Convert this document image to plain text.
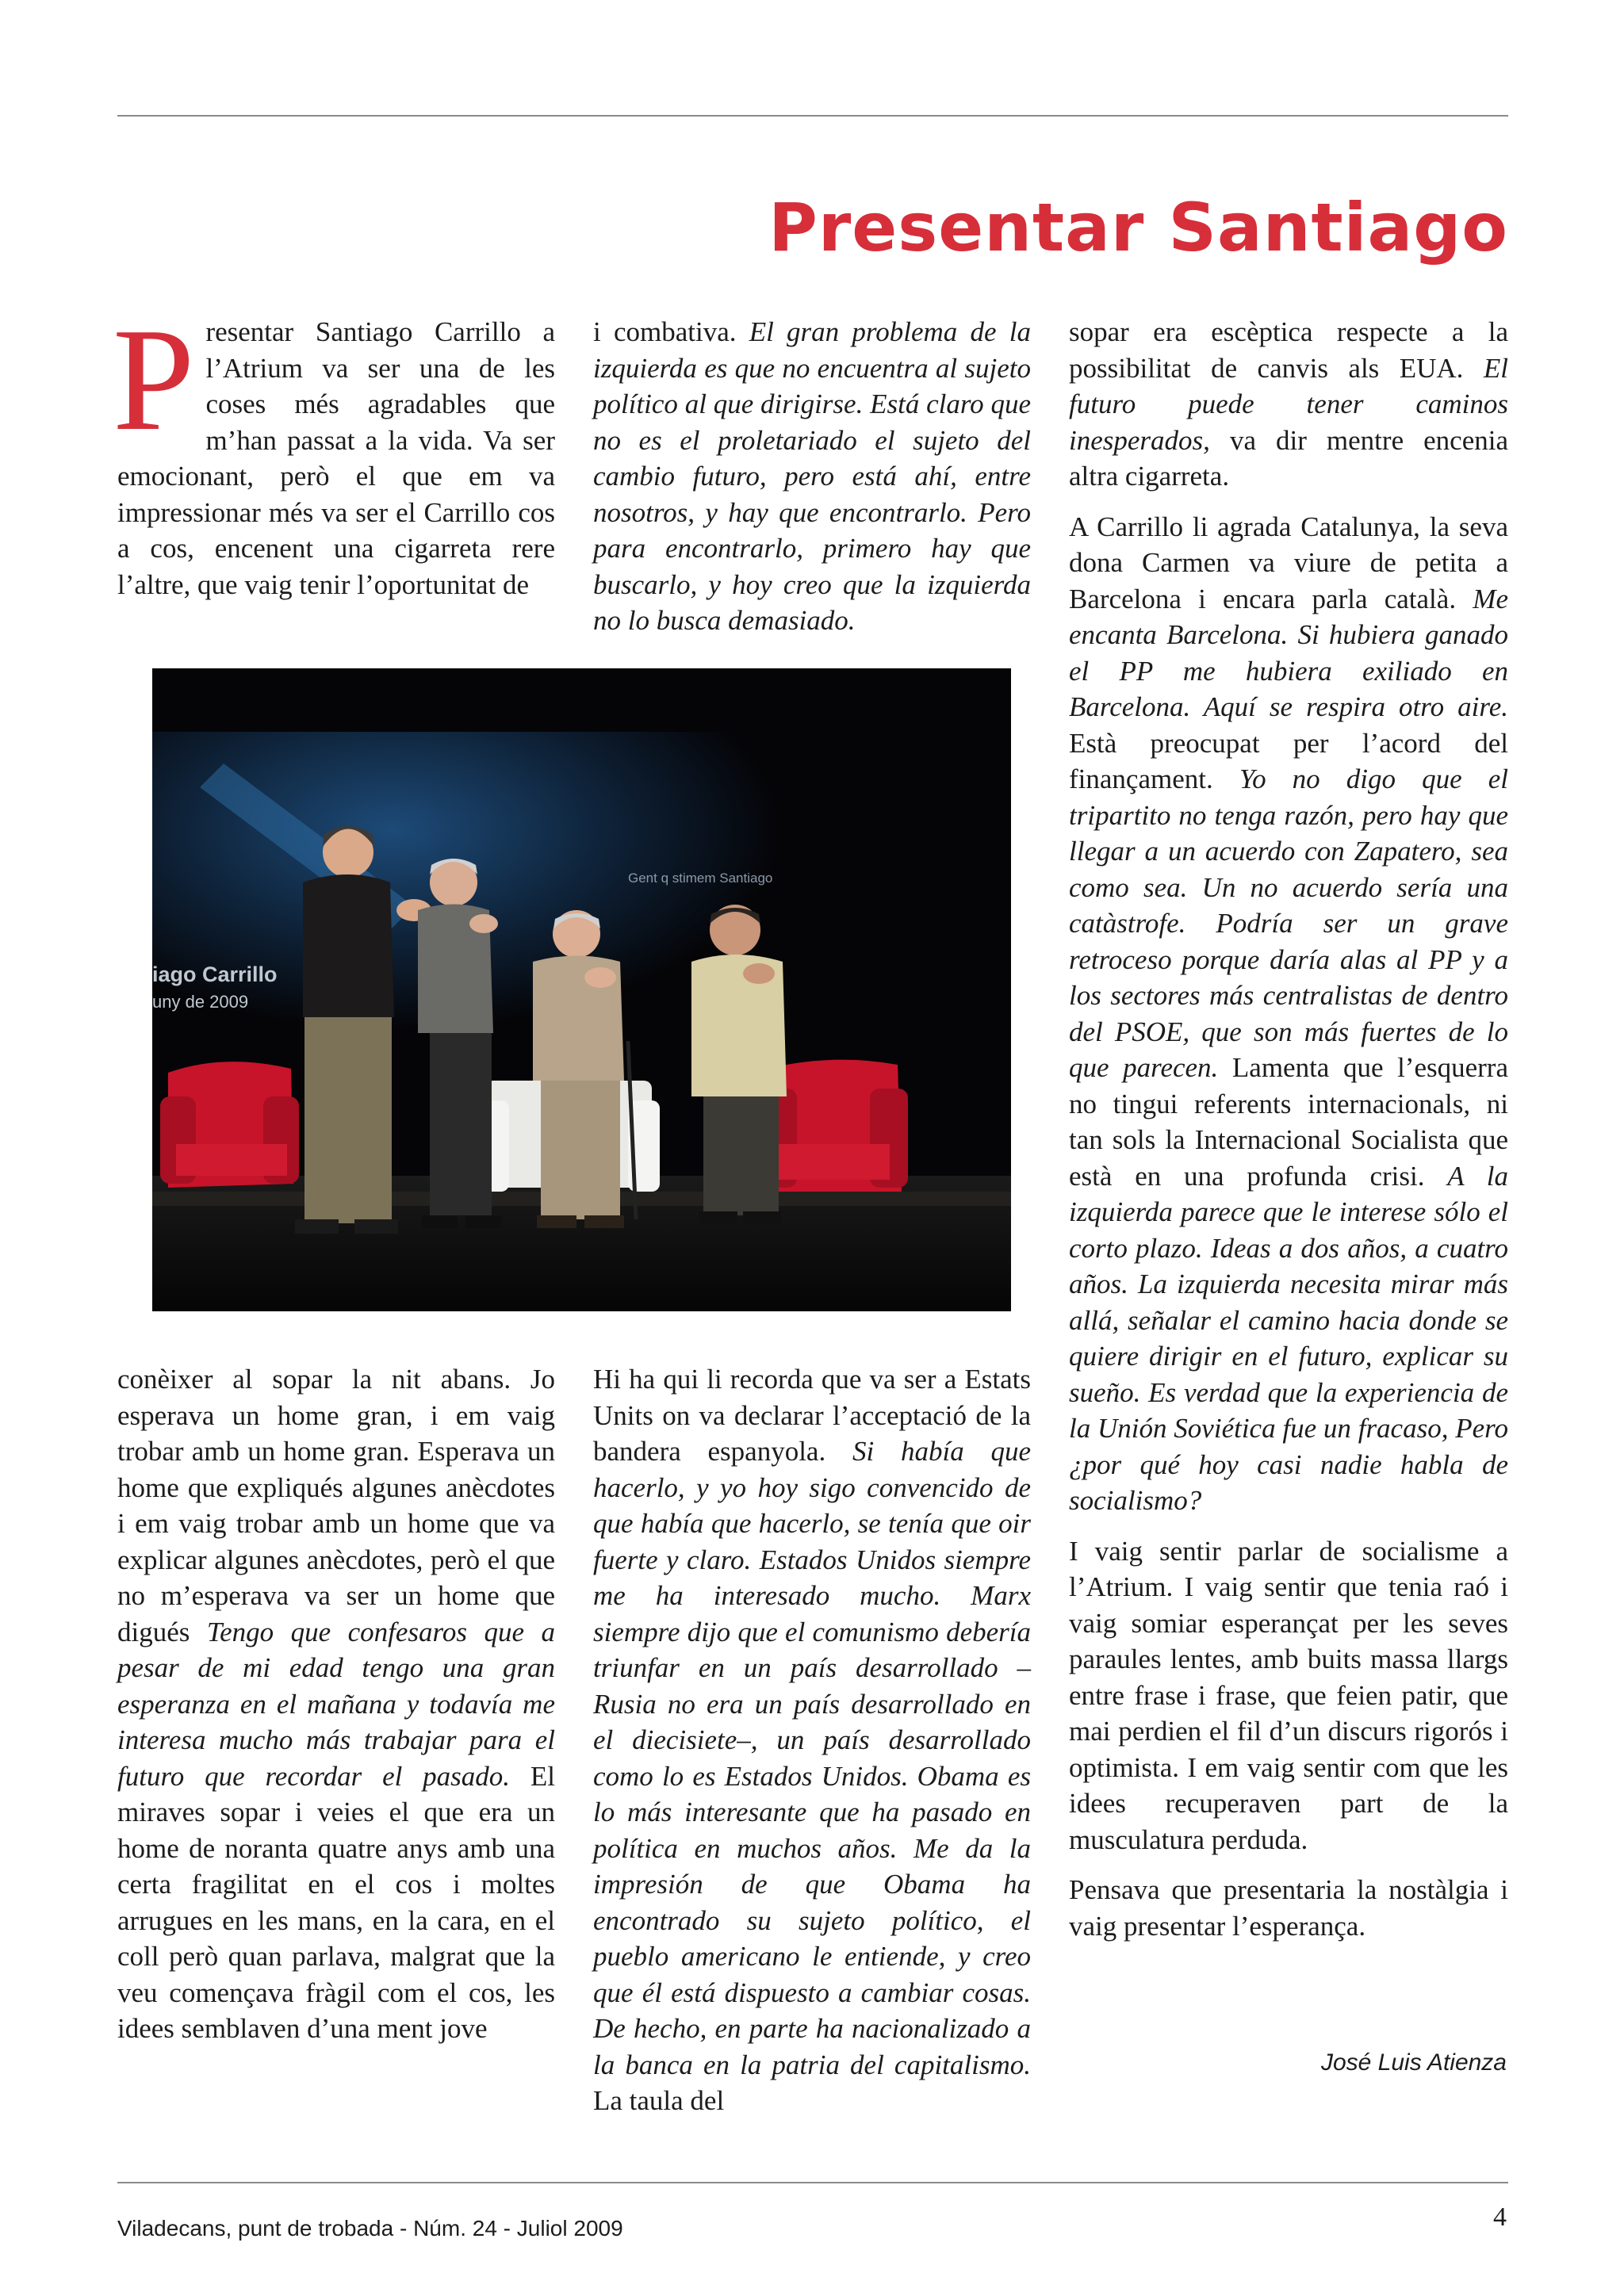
Presentar Santiago

Presentar Santiago Carrillo a l’Atrium va ser una de les coses més agradables que m’han passat a la vida. Va ser emocionant, però el que em va impressionar més va ser el Carrillo cos a cos, encenent una cigarreta rere l’altre, que vaig tenir l’oportunitat de

i combativa. El gran problema de la izquierda es que no encuentra al sujeto político al que dirigirse. Está claro que no es el proletariado el sujeto del cambio futuro, pero está ahí, entre nosotros, y hay que encontrarlo. Pero para encontrarlo, primero hay que buscarlo, y hoy creo que la izquierda no lo busca demasiado.

iago Carrillo
uny de 2009
Gent q stimem Santiago

conèixer al sopar la nit abans. Jo esperava un home gran, i em vaig trobar amb un home gran. Esperava un home que expliqués algunes anècdotes i em vaig trobar amb un home que va explicar algunes anècdotes, però el que no m’esperava va ser un home que digués Tengo que confesaros que a pesar de mi edad tengo una gran esperanza en el mañana y todavía me interesa mucho más trabajar para el futuro que recordar el pasado. El miraves sopar i veies el que era un home de noranta quatre anys amb una certa fragilitat en el cos i moltes arrugues en les mans, en la cara, en el coll però quan parlava, malgrat que la veu començava fràgil com el cos, les idees semblaven d’una ment jove

Hi ha qui li recorda que va ser a Estats Units on va declarar l’acceptació de la bandera espanyola. Si había que hacerlo, y yo hoy sigo convencido de que había que hacerlo, se tenía que oir fuerte y claro. Estados Unidos siempre me ha interesado mucho. Marx siempre dijo que el comunismo debería triunfar en un país desarrollado –Rusia no era un país desarrollado en el diecisiete–, un país desarrollado como lo es Estados Unidos. Obama es lo más interesante que ha pasado en política en muchos años. Me da la impresión de que Obama ha encontrado su sujeto político, el pueblo americano le entiende, y creo que él está dispuesto a cambiar cosas. De hecho, en parte ha nacionalizado a la banca en la patria del capitalismo. La taula del

sopar era escèptica respecte a la possibilitat de canvis als EUA. El futuro puede tener caminos inesperados, va dir mentre encenia altra cigarreta.

A Carrillo li agrada Catalunya, la seva dona Carmen va viure de petita a Barcelona i encara parla català. Me encanta Barcelona. Si hubiera ganado el PP me hubiera exiliado en Barcelona. Aquí se respira otro aire. Està preocupat per l’acord del finançament. Yo no digo que el tripartito no tenga razón, pero hay que llegar a un acuerdo con Zapatero, sea como sea. Un no acuerdo sería una catàstrofe. Podría ser un grave retroceso porque daría alas al PP y a los sectores más centralistas de dentro del PSOE, que son más fuertes de lo que parecen. Lamenta que l’esquerra no tingui referents internacionals, ni tan sols la Internacional Socialista que està en una profunda crisi. A la izquierda parece que le interese sólo el corto plazo. Ideas a dos años, a cuatro años. La izquierda necesita mirar más allá, señalar el camino hacia donde se quiere dirigir en el futuro, explicar su sueño. Es verdad que la experiencia de la Unión Soviética fue un fracaso, Pero ¿por qué hoy casi nadie habla de socialismo?

I vaig sentir parlar de socialisme a l’Atrium. I vaig sentir que tenia raó i vaig somiar esperançat per les seves paraules lentes, amb buits massa llargs entre frase i frase, que feien patir, que mai perdien el fil d’un discurs rigorós i optimista. I em vaig sentir com que les idees recuperaven part de la musculatura perduda.

Pensava que presentaria la nostàlgia i vaig presentar l’esperança.

José Luis Atienza

Viladecans, punt de trobada - Núm. 24 - Juliol 2009	4
